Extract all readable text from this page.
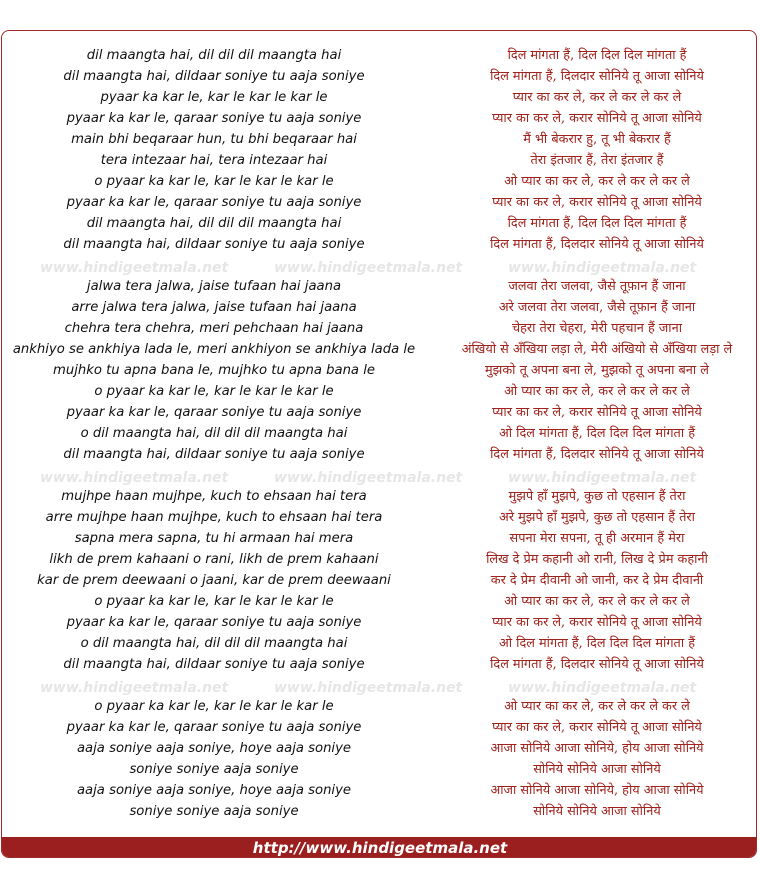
dil maangta hai, dil dil dil maangta hai
dil maangta hai, dildaar soniye tu aaja soniye
pyaar ka kar le, kar le kar le kar le
pyaar ka kar le, qaraar soniye tu aaja soniye
main bhi beqaraar hun, tu bhi beqaraar hai
tera intezaar hai, tera intezaar hai
o pyaar ka kar le, kar le kar le kar le
pyaar ka kar le, qaraar soniye tu aaja soniye
dil maangta hai, dil dil dil maangta hai
dil maangta hai, dildaar soniye tu aaja soniye
jalwa tera jalwa, jaise tufaan hai jaana
arre jalwa tera jalwa, jaise tufaan hai jaana
chehra tera chehra, meri pehchaan hai jaana
ankhiyo se ankhiya lada le, meri ankhiyon se ankhiya lada le
mujhko tu apna bana le, mujhko tu apna bana le
o pyaar ka kar le, kar le kar le kar le
pyaar ka kar le, qaraar soniye tu aaja soniye
o dil maangta hai, dil dil dil maangta hai
dil maangta hai, dildaar soniye tu aaja soniye
mujhpe haan mujhpe, kuch to ehsaan hai tera
arre mujhpe haan mujhpe, kuch to ehsaan hai tera
sapna mera sapna, tu hi armaan hai mera
likh de prem kahaani o rani, likh de prem kahaani
kar de prem deewaani o jaani, kar de prem deewaani
o pyaar ka kar le, kar le kar le kar le
pyaar ka kar le, qaraar soniye tu aaja soniye
o dil maangta hai, dil dil dil maangta hai
dil maangta hai, dildaar soniye tu aaja soniye
o pyaar ka kar le, kar le kar le kar le
pyaar ka kar le, qaraar soniye tu aaja soniye
aaja soniye aaja soniye, hoye aaja soniye
soniye soniye aaja soniye
aaja soniye aaja soniye, hoye aaja soniye
soniye soniye aaja soniye
दिल मांगता हैं, दिल दिल दिल मांगता हैं
दिल मांगता हैं, दिलदार सोनिये तू आजा सोनिये
प्यार का कर ले, कर ले कर ले कर ले
प्यार का कर ले, करार सोनिये तू आजा सोनिये
मैं भी बेकरार हु, तू भी बेकरार हैं
तेरा इंतजार हैं, तेरा इंतजार हैं
ओ प्यार का कर ले, कर ले कर ले कर ले
प्यार का कर ले, करार सोनिये तू आजा सोनिये
दिल मांगता हैं, दिल दिल दिल मांगता हैं
दिल मांगता हैं, दिलदार सोनिये तू आजा सोनिये
जलवा तेरा जलवा, जैसे तूफ़ान हैं जाना
अरे जलवा तेरा जलवा, जैसे तूफ़ान हैं जाना
चेहरा तेरा चेहरा, मेरी पहचान हैं जाना
अंखियो से अँखिया लड़ा ले, मेरी अंखियो से अँखिया लड़ा ले
मुझको तू अपना बना ले, मुझको तू अपना बना ले
ओ प्यार का कर ले, कर ले कर ले कर ले
प्यार का कर ले, करार सोनिये तू आजा सोनिये
ओ दिल मांगता हैं, दिल दिल दिल मांगता हैं
दिल मांगता हैं, दिलदार सोनिये तू आजा सोनिये
मुझपे हाँ मुझपे, कुछ तो एहसान हैं तेरा
अरे मुझपे हाँ मुझपे, कुछ तो एहसान हैं तेरा
सपना मेरा सपना, तू ही अरमान हैं मेरा
लिख दे प्रेम कहानी ओ रानी, लिख दे प्रेम कहानी
कर दे प्रेम दीवानी ओ जानी, कर दे प्रेम दीवानी
ओ प्यार का कर ले, कर ले कर ले कर ले
प्यार का कर ले, करार सोनिये तू आजा सोनिये
ओ दिल मांगता हैं, दिल दिल दिल मांगता हैं
दिल मांगता हैं, दिलदार सोनिये तू आजा सोनिये
ओ प्यार का कर ले, कर ले कर ले कर ले
प्यार का कर ले, करार सोनिये तू आजा सोनिये
आजा सोनिये आजा सोनिये, होय आजा सोनिये
सोनिये सोनिये आजा सोनिये
आजा सोनिये आजा सोनिये, होय आजा सोनिये
सोनिये सोनिये आजा सोनिये
www.hindigeetmala.net	www.hindigeetmala.net	www.hindigeetmala.net
www.hindigeetmala.net	www.hindigeetmala.net	www.hindigeetmala.net
www.hindigeetmala.net	www.hindigeetmala.net	www.hindigeetmala.net
http://www.hindigeetmala.net
